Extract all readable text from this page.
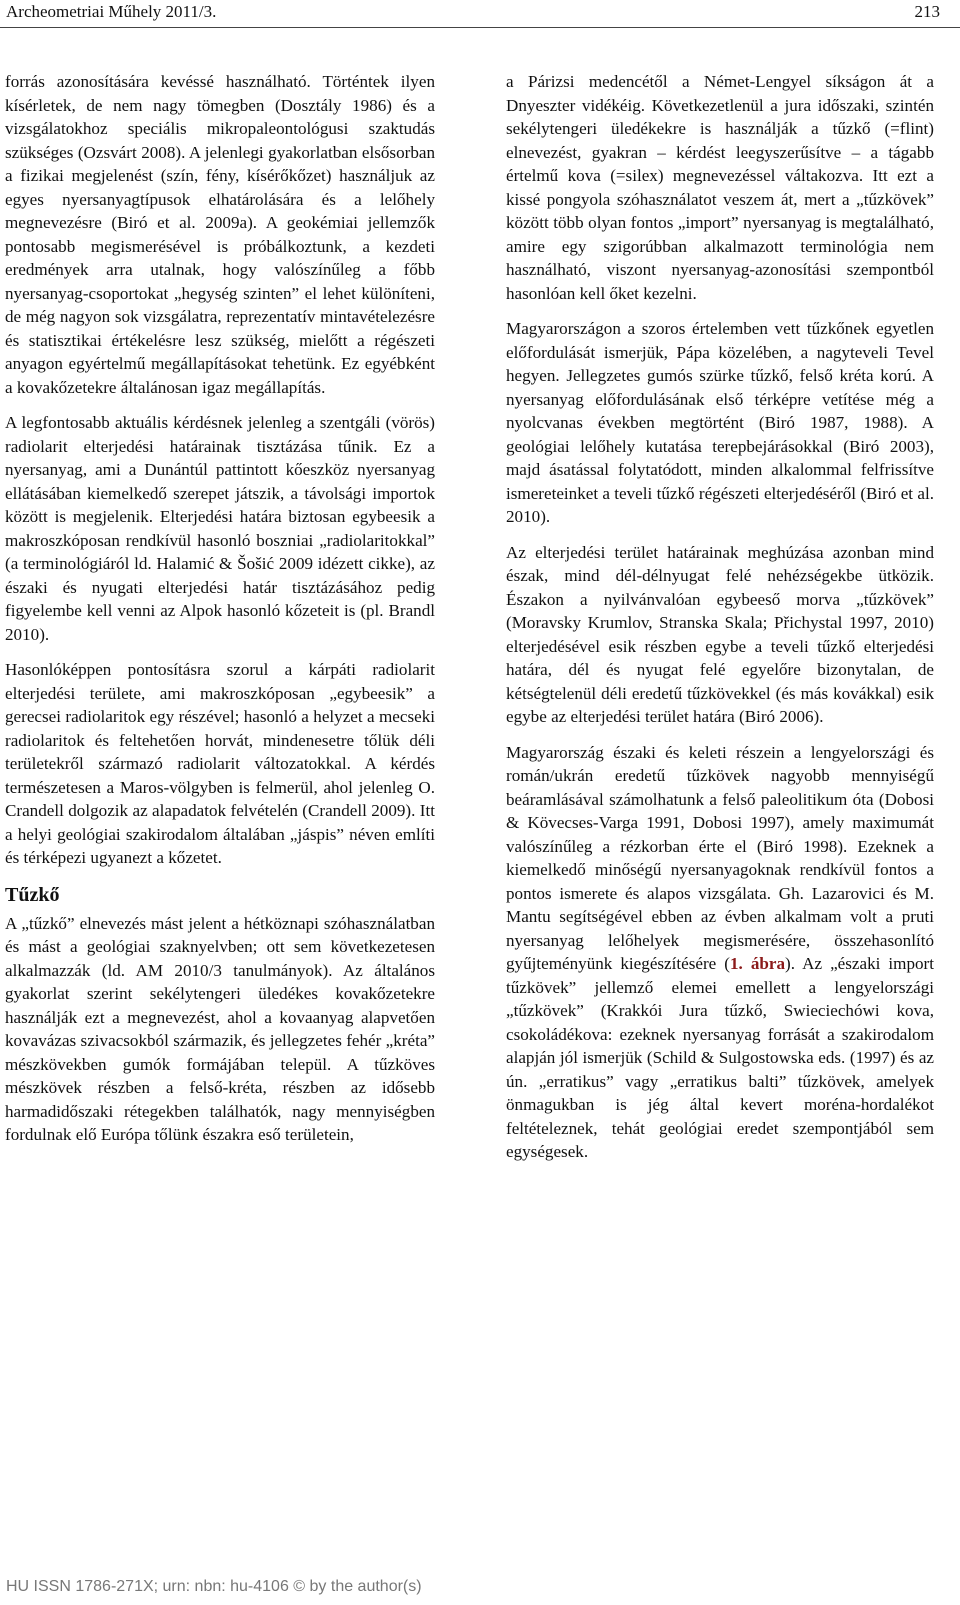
Archeometriai Műhely 2011/3.	213

forrás azonosítására kevéssé használható. Történtek ilyen kísérletek, de nem nagy tömegben (Dosztály 1986) és a vizsgálatokhoz speciális mikropaleontológusi szaktudás szükséges (Ozsvárt 2008). A jelenlegi gyakorlatban elsősorban a fizikai megjelenést (szín, fény, kísérőkőzet) használjuk az egyes nyersanyagtípusok elhatárolására és a lelőhely megnevezésre (Biró et al. 2009a). A geokémiai jellemzők pontosabb megismerésével is próbálkoztunk, a kezdeti eredmények arra utalnak, hogy valószínűleg a főbb nyersanyag-csoportokat „hegység szinten” el lehet különíteni, de még nagyon sok vizsgálatra, reprezentatív mintavételezésre és statisztikai értékelésre lesz szükség, mielőtt a régészeti anyagon egyértelmű megállapításokat tehetünk. Ez egyébként a kovakőzetekre általánosan igaz megállapítás.

A legfontosabb aktuális kérdésnek jelenleg a szentgáli (vörös) radiolarit elterjedési határainak tisztázása tűnik. Ez a nyersanyag, ami a Dunántúl pattintott kőeszköz nyersanyag ellátásában kiemelkedő szerepet játszik, a távolsági importok között is megjelenik. Elterjedési határa biztosan egybeesik a makroszkóposan rendkívül hasonló boszniai „radiolaritokkal” (a terminológiáról ld. Halamić & Šošić 2009 idézett cikke), az északi és nyugati elterjedési határ tisztázásához pedig figyelembe kell venni az Alpok hasonló kőzeteit is (pl. Brandl 2010).

Hasonlóképpen pontosításra szorul a kárpáti radiolarit elterjedési területe, ami makroszkóposan „egybeesik” a gerecsei radiolaritok egy részével; hasonló a helyzet a mecseki radiolaritok és feltehetően horvát, mindenesetre tőlük déli területekről származó radiolarit változatokkal. A kérdés természetesen a Maros-völgyben is felmerül, ahol jelenleg O. Crandell dolgozik az alapadatok felvételén (Crandell 2009). Itt a helyi geológiai szakirodalom általában „jáspis” néven említi és térképezi ugyanezt a kőzetet.

Tűzkő

A „tűzkő” elnevezés mást jelent a hétköznapi szóhasználatban és mást a geológiai szaknyelvben; ott sem következetesen alkalmazzák (ld. AM 2010/3 tanulmányok). Az általános gyakorlat szerint sekélytengeri üledékes kovakőzetekre használják ezt a megnevezést, ahol a kovaanyag alapvetően kovavázas szivacsokból származik, és jellegzetes fehér „kréta” mészkövekben gumók formájában települ. A tűzköves mészkövek részben a felső-kréta, részben az idősebb harmadidőszaki rétegekben találhatók, nagy mennyiségben fordulnak elő Európa tőlünk északra eső területein,

a Párizsi medencétől a Német-Lengyel síkságon át a Dnyeszter vidékéig. Következetlenül a jura időszaki, szintén sekélytengeri üledékekre is használják a tűzkő (=flint) elnevezést, gyakran – kérdést leegyszerűsítve – a tágabb értelmű kova (=silex) megnevezéssel váltakozva. Itt ezt a kissé pongyola szóhasználatot veszem át, mert a „tűzkövek” között több olyan fontos „import” nyersanyag is megtalálható, amire egy szigorúbban alkalmazott terminológia nem használható, viszont nyersanyag-azonosítási szempontból hasonlóan kell őket kezelni.

Magyarországon a szoros értelemben vett tűzkőnek egyetlen előfordulását ismerjük, Pápa közelében, a nagyteveli Tevel hegyen. Jellegzetes gumós szürke tűzkő, felső kréta korú. A nyersanyag előfordulásának első térképre vetítése még a nyolcvanas években megtörtént (Biró 1987, 1988). A geológiai lelőhely kutatása terepbejárásokkal (Biró 2003), majd ásatással folytatódott, minden alkalommal felfrissítve ismereteinket a teveli tűzkő régészeti elterjedéséről (Biró et al. 2010).

Az elterjedési terület határainak meghúzása azonban mind észak, mind dél-délnyugat felé nehézségekbe ütközik. Északon a nyilvánvalóan egybeeső morva „tűzkövek” (Moravsky Krumlov, Stranska Skala; Přichystal 1997, 2010) elterjedésével esik részben egybe a teveli tűzkő elterjedési határa, dél és nyugat felé egyelőre bizonytalan, de kétségtelenül déli eredetű tűzkövekkel (és más kovákkal) esik egybe az elterjedési terület határa (Biró 2006).

Magyarország északi és keleti részein a lengyelországi és román/ukrán eredetű tűzkövek nagyobb mennyiségű beáramlásával számolhatunk a felső paleolitikum óta (Dobosi & Kövecses-Varga 1991, Dobosi 1997), amely maximumát valószínűleg a rézkorban érte el (Biró 1998). Ezeknek a kiemelkedő minőségű nyersanyagoknak rendkívül fontos a pontos ismerete és alapos vizsgálata. Gh. Lazarovici és M. Mantu segítségével ebben az évben alkalmam volt a pruti nyersanyag lelőhelyek megismerésére, összehasonlító gyűjteményünk kiegészítésére (1. ábra). Az „északi import tűzkövek” jellemző elemei emellett a lengyelországi „tűzkövek” (Krakkói Jura tűzkő, Swieciechówi kova, csokoládékova: ezeknek nyersanyag forrását a szakirodalom alapján jól ismerjük (Schild & Sulgostowska eds. (1997) és az ún. „erratikus” vagy „erratikus balti” tűzkövek, amelyek önmagukban is jég által kevert moréna-hordalékot feltételeznek, tehát geológiai eredet szempontjából sem egységesek.

HU ISSN 1786-271X; urn: nbn: hu-4106 © by the author(s)
